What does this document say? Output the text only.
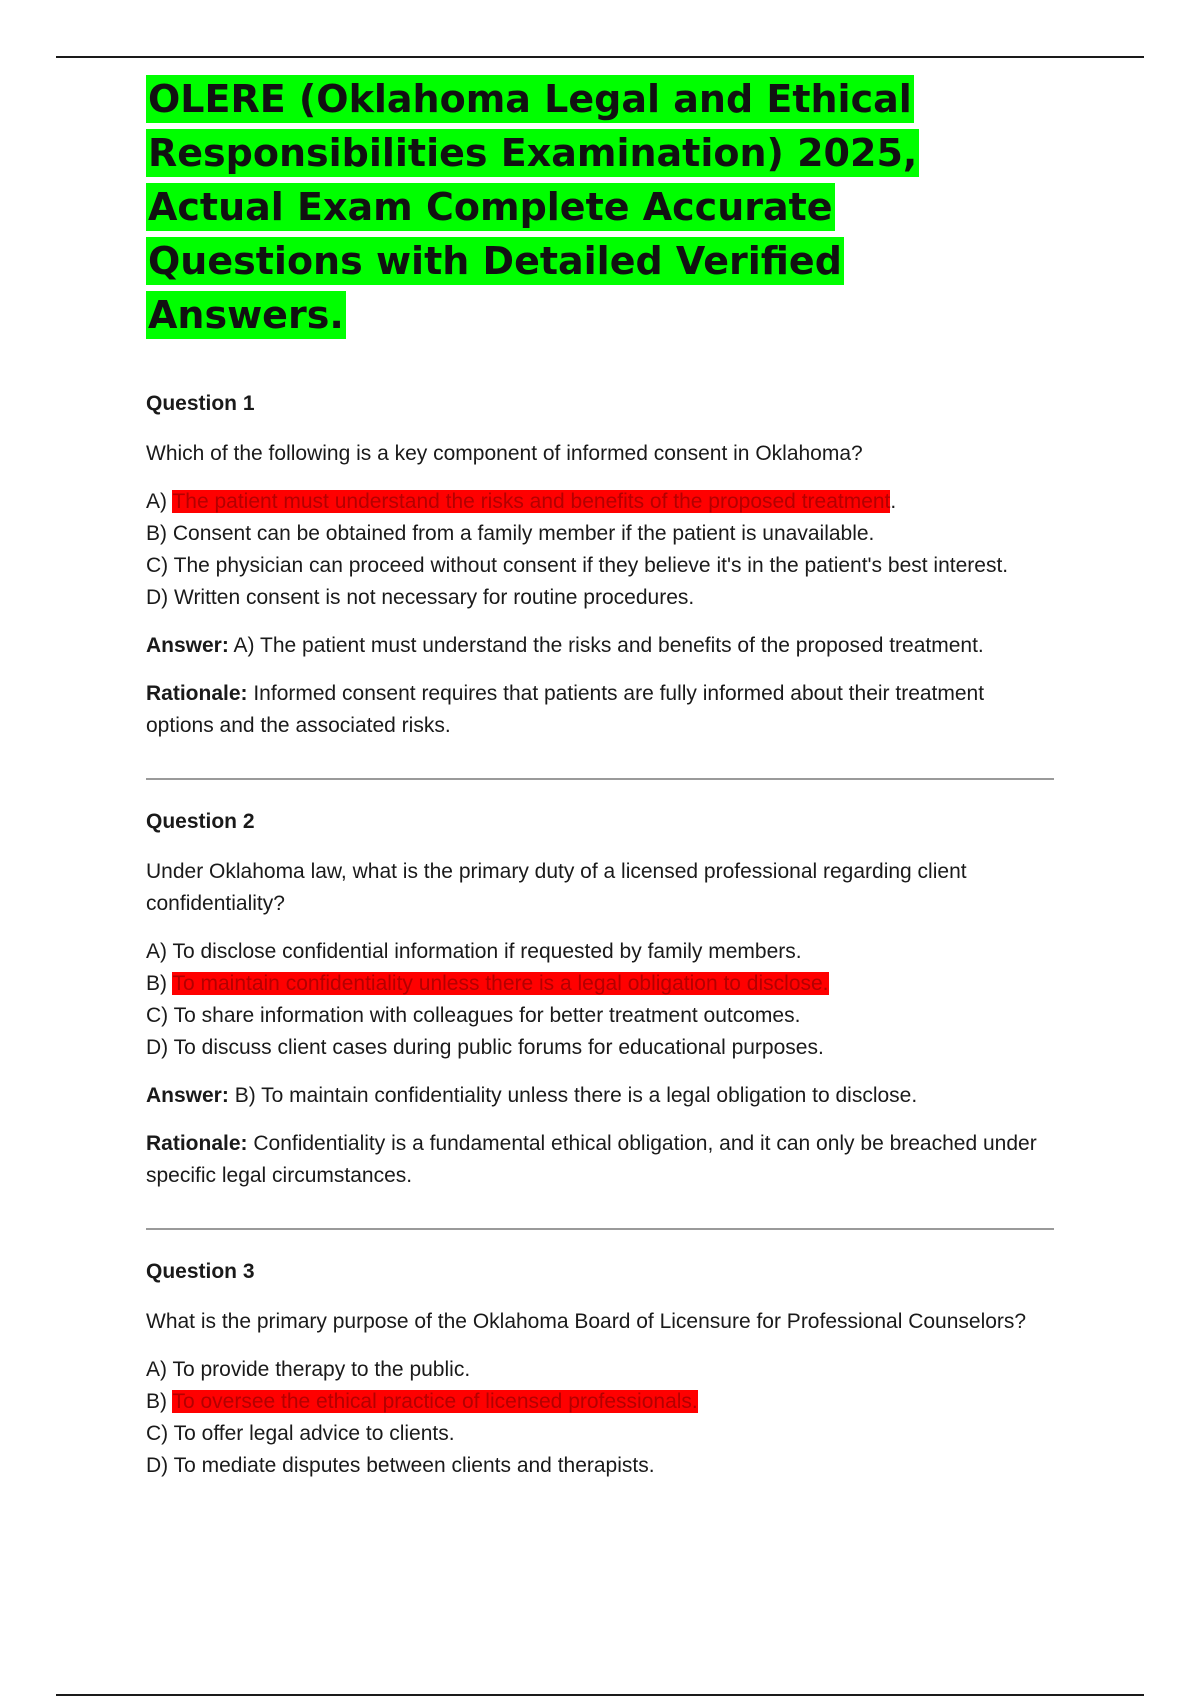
OLERE (Oklahoma Legal and Ethical Responsibilities Examination) 2025, Actual Exam Complete Accurate Questions with Detailed Verified Answers.
Question 1
Which of the following is a key component of informed consent in Oklahoma?
A) The patient must understand the risks and benefits of the proposed treatment.
B) Consent can be obtained from a family member if the patient is unavailable.
C) The physician can proceed without consent if they believe it's in the patient's best interest.
D) Written consent is not necessary for routine procedures.
Answer: A) The patient must understand the risks and benefits of the proposed treatment.
Rationale: Informed consent requires that patients are fully informed about their treatment options and the associated risks.
Question 2
Under Oklahoma law, what is the primary duty of a licensed professional regarding client confidentiality?
A) To disclose confidential information if requested by family members.
B) To maintain confidentiality unless there is a legal obligation to disclose.
C) To share information with colleagues for better treatment outcomes.
D) To discuss client cases during public forums for educational purposes.
Answer: B) To maintain confidentiality unless there is a legal obligation to disclose.
Rationale: Confidentiality is a fundamental ethical obligation, and it can only be breached under specific legal circumstances.
Question 3
What is the primary purpose of the Oklahoma Board of Licensure for Professional Counselors?
A) To provide therapy to the public.
B) To oversee the ethical practice of licensed professionals.
C) To offer legal advice to clients.
D) To mediate disputes between clients and therapists.
